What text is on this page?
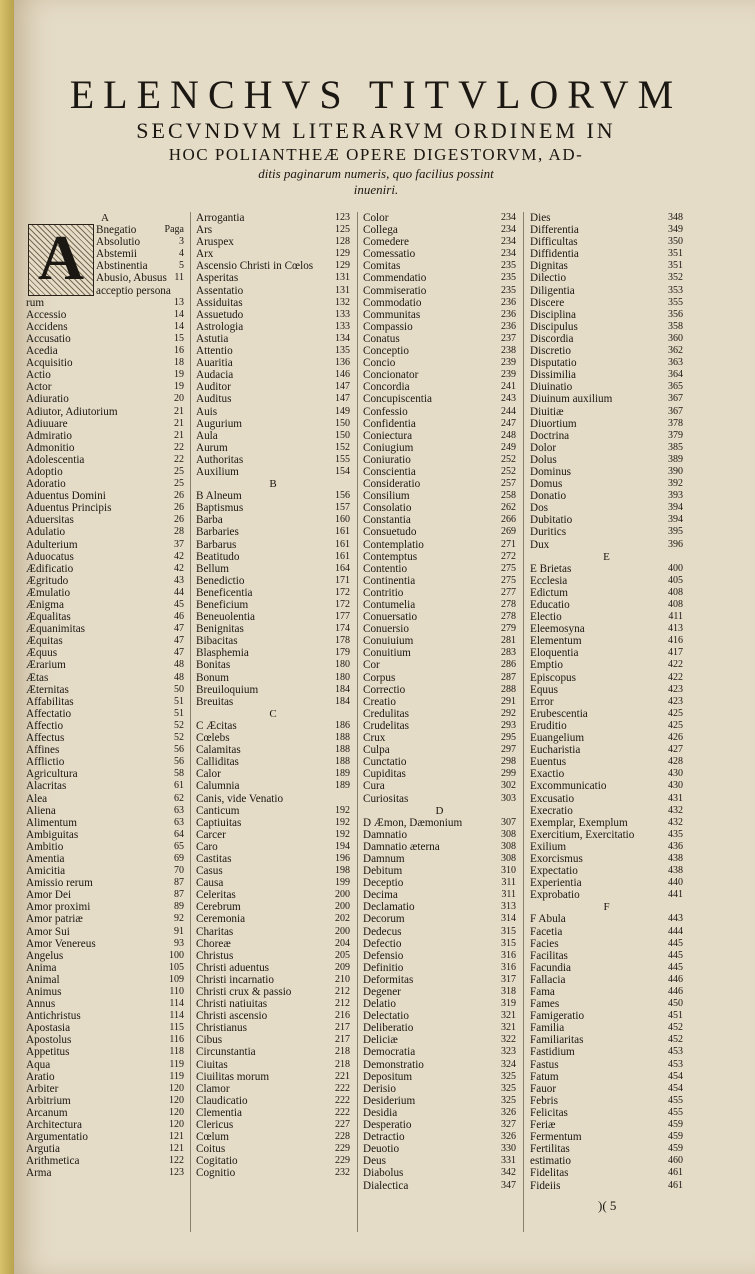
ELENCHVS TITVLORVM
SECVNDVM LITERARVM ORDINEM IN
HOC POLIANTHEÆ OPERE DIGESTORVM, AD-
ditis paginarum numeris, quo facilius possint
inueniri.
A
A
Bnegatio	Paga
Absolutio	3
Abstemii	4
Abstinentia	5
Abusio, Abusus 11
acceptio persona
rum	13
Accessio	14
Accidens	14
Accusatio	15
Acedia	16
Acquisitio	18
Actio	19
Actor	19
Adiuratio	20
Adiutor, Adiutorium	21
Adiuuare	21
Admiratio	21
Admonitio	22
Adolescentia	22
Adoptio	25
Adoratio	25
Aduentus Domini	26
Aduentus Principis	26
Aduersitas	26
Adulatio	28
Adulterium	37
Aduocatus	42
Ædificatio	42
Ægritudo	43
Æmulatio	44
Ænigma	45
Æqualitas	46
Æquanimitas	47
Æquitas	47
Æquus	47
Ærarium	48
Ætas	48
Æternitas	50
Affabilitas	51
Affectatio	51
Affectio	52
Affectus	52
Affines	56
Afflictio	56
Agricultura	58
Alacritas	61
Alea	62
Aliena	63
Alimentum	63
Ambiguitas	64
Ambitio	65
Amentia	69
Amicitia	70
Amissio rerum	87
Amor Dei	87
Amor proximi	89
Amor patriæ	92
Amor Sui	91
Amor Venereus	93
Angelus	100
Anima	105
Animal	109
Animus	110
Annus	114
Antichristus	114
Apostasia	115
Apostolus	116
Appetitus	118
Aqua	119
Aratio	119
Arbiter	120
Arbitrium	120
Arcanum	120
Architectura	120
Argumentatio	121
Argutia	121
Arithmetica	122
Arma	123
Arrogantia	123
Ars	125
Aruspex	128
Arx	129
Ascensio Christi in Cœlos 129
Asperitas	131
Assentatio	131
Assiduitas	132
Assuetudo	133
Astrologia	133
Astutia	134
Attentio	135
Auaritia	136
Audacia	146
Auditor	147
Auditus	147
Auis	149
Augurium	150
Aula	150
Aurum	152
Authoritas	155
Auxilium	154
B
B Alneum	156
Baptismus	157
Barba	160
Barbaries	161
Barbarus	161
Beatitudo	161
Bellum	164
Benedictio	171
Beneficentia	172
Beneficium	172
Beneuolentia	177
Benignitas	174
Bibacitas	178
Blasphemia	179
Bonitas	180
Bonum	180
Breuiloquium	184
Breuitas	184
C
C Æcitas	186
Cœlebs	188
Calamitas	188
Calliditas	188
Calor	189
Calumnia	189
Canis, vide Venatio
Canticum	192
Captiuitas	192
Carcer	192
Caro	194
Castitas	196
Casus	198
Causa	199
Celeritas	200
Cerebrum	200
Ceremonia	202
Charitas	200
Choreæ	204
Christus	205
Christi aduentus	209
Christi incarnatio	210
Christi crux & passio	212
Christi natiuitas	212
Christi ascensio	216
Christianus	217
Cibus	217
Circunstantia	218
Ciuitas	218
Ciuilitas morum	221
Clamor	222
Claudicatio	222
Clementia	222
Clericus	227
Cœlum	228
Coitus	229
Cogitatio	229
Cognitio	232
Color	234
Collega	234
Comedere	234
Comessatio	234
Comitas	235
Commendatio	235
Commiseratio	235
Commodatio	236
Communitas	236
Compassio	236
Conatus	237
Conceptio	238
Concio	239
Concionator	239
Concordia	241
Concupiscentia	243
Confessio	244
Confidentia	247
Coniectura	248
Coniugium	249
Coniuratio	252
Conscientia	252
Consideratio	257
Consilium	258
Consolatio	262
Constantia	266
Consuetudo	269
Contemplatio	271
Contemptus	272
Contentio	275
Continentia	275
Contritio	277
Contumelia	278
Conuersatio	278
Conuersio	279
Conuiuium	281
Conuitium	283
Cor	286
Corpus	287
Correctio	288
Creatio	291
Credulitas	292
Crudelitas	293
Crux	295
Culpa	297
Cunctatio	298
Cupiditas	299
Cura	302
Curiositas	303
D
D Æmon, Dæmonium	307
Damnatio	308
Damnatio æterna	308
Damnum	308
Debitum	310
Deceptio	311
Decima	311
Declamatio	313
Decorum	314
Dedecus	315
Defectio	315
Defensio	316
Definitio	316
Deformitas	317
Degener	318
Delatio	319
Delectatio	321
Deliberatio	321
Deliciæ	322
Democratia	323
Demonstratio	324
Depositum	325
Derisio	325
Desiderium	325
Desidia	326
Desperatio	327
Detractio	326
Deuotio	330
Deus	331
Diabolus	342
Dialectica	347
Dies	348
Differentia	349
Difficultas	350
Diffidentia	351
Dignitas	351
Dilectio	352
Diligentia	353
Discere	355
Disciplina	356
Discipulus	358
Discordia	360
Discretio	362
Disputatio	363
Dissimilia	364
Diuinatio	365
Diuinum auxilium	367
Diuitiæ	367
Diuortium	378
Doctrina	379
Dolor	385
Dolus	389
Dominus	390
Domus	392
Donatio	393
Dos	394
Dubitatio	394
Duritics	395
Dux	396
E
E Brietas	400
Ecclesia	405
Edictum	408
Educatio	408
Electio	411
Eleemosyna	413
Elementum	416
Eloquentia	417
Emptio	422
Episcopus	422
Equus	423
Error	423
Erubescentia	425
Eruditio	425
Euangelium	426
Eucharistia	427
Euentus	428
Exactio	430
Excommunicatio	430
Excusatio	431
Execratio	432
Exemplar, Exemplum	432
Exercitium, Exercitatio	435
Exilium	436
Exorcismus	438
Expectatio	438
Experientia	440
Exprobatio	441
F
F Abula	443
Facetia	444
Facies	445
Facilitas	445
Facundia	445
Fallacia	446
Fama	446
Fames	450
Famigeratio	451
Familia	452
Familiaritas	452
Fastidium	453
Fastus	453
Fatum	454
Fauor	454
Febris	455
Felicitas	455
Feriæ	459
Fermentum	459
Fertilitas	459
estimatio	460
Fidelitas	461
Fideiis	461
)( 5
